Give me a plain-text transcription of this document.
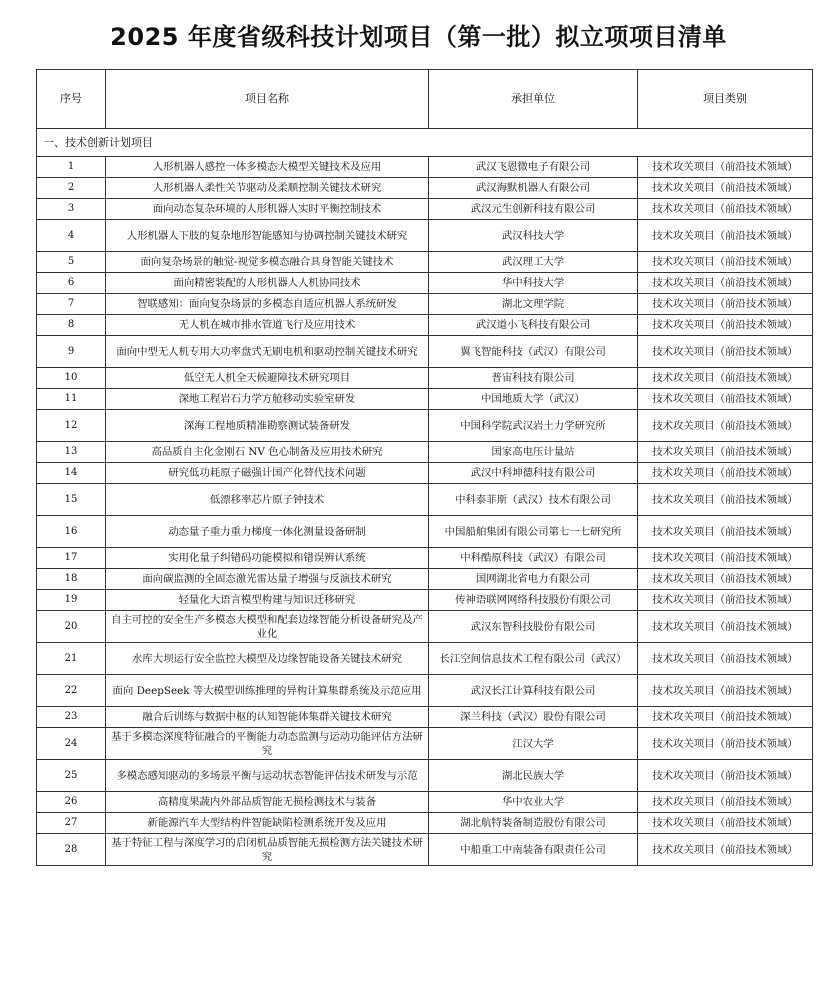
2025 年度省级科技计划项目（第一批）拟立项项目清单
序号	项目名称	承担单位	项目类别
一、技术创新计划项目			
1	人形机器人感控一体多模态大模型关键技术及应用	武汉飞恩微电子有限公司	技术攻关项目（前沿技术领域）
2	人形机器人柔性关节驱动及柔顺控制关键技术研究	武汉海默机器人有限公司	技术攻关项目（前沿技术领域）
3	面向动态复杂环境的人形机器人实时平衡控制技术	武汉元生创新科技有限公司	技术攻关项目（前沿技术领域）
4	人形机器人下肢的复杂地形智能感知与协调控制关键技术研究	武汉科技大学	技术攻关项目（前沿技术领域）
5	面向复杂场景的触觉-视觉多模态融合具身智能关键技术	武汉理工大学	技术攻关项目（前沿技术领域）
6	面向精密装配的人形机器人人机协同技术	华中科技大学	技术攻关项目（前沿技术领域）
7	智联感知：面向复杂场景的多模态自适应机器人系统研发	湖北文理学院	技术攻关项目（前沿技术领域）
8	无人机在城市排水管道飞行及应用技术	武汉道小飞科技有限公司	技术攻关项目（前沿技术领域）
9	面向中型无人机专用大功率盘式无刷电机和驱动控制关键技术研究	翼飞智能科技（武汉）有限公司	技术攻关项目（前沿技术领域）
10	低空无人机全天候避障技术研究项目	普宙科技有限公司	技术攻关项目（前沿技术领域）
11	深地工程岩石力学方舱移动实验室研发	中国地质大学（武汉）	技术攻关项目（前沿技术领域）
12	深海工程地质精准勘察测试装备研发	中国科学院武汉岩土力学研究所	技术攻关项目（前沿技术领域）
13	高品质自主化金刚石 NV 色心制备及应用技术研究	国家高电压计量站	技术攻关项目（前沿技术领域）
14	研究低功耗原子磁强计国产化替代技术问题	武汉中科坤德科技有限公司	技术攻关项目（前沿技术领域）
15	低漂移率芯片原子钟技术	中科泰菲斯（武汉）技术有限公司	技术攻关项目（前沿技术领域）
16	动态量子重力重力梯度一体化测量设备研制	中国船舶集团有限公司第七一七研究所	技术攻关项目（前沿技术领域）
17	实用化量子纠错码功能模拟和错误辨认系统	中科酷原科技（武汉）有限公司	技术攻关项目（前沿技术领域）
18	面向碳监测的全固态激光雷达量子增强与反演技术研究	国网湖北省电力有限公司	技术攻关项目（前沿技术领域）
19	轻量化大语言模型构建与知识迁移研究	传神语联网网络科技股份有限公司	技术攻关项目（前沿技术领域）
20	自主可控的安全生产多模态大模型和配套边缘智能分析设备研究及产业化	武汉东智科技股份有限公司	技术攻关项目（前沿技术领域）
21	水库大坝运行安全监控大模型及边缘智能设备关键技术研究	长江空间信息技术工程有限公司（武汉）	技术攻关项目（前沿技术领域）
22	面向 DeepSeek 等大模型训练推理的异构计算集群系统及示范应用	武汉长江计算科技有限公司	技术攻关项目（前沿技术领域）
23	融合后训练与数据中枢的认知智能体集群关键技术研究	深兰科技（武汉）股份有限公司	技术攻关项目（前沿技术领域）
24	基于多模态深度特征融合的平衡能力动态监测与运动功能评估方法研究	江汉大学	技术攻关项目（前沿技术领域）
25	多模态感知驱动的多场景平衡与运动状态智能评估技术研发与示范	湖北民族大学	技术攻关项目（前沿技术领域）
26	高精度果蔬内外部品质智能无损检测技术与装备	华中农业大学	技术攻关项目（前沿技术领域）
27	新能源汽车大型结构件智能缺陷检测系统开发及应用	湖北航特装备制造股份有限公司	技术攻关项目（前沿技术领域）
28	基于特征工程与深度学习的启闭机品质智能无损检测方法关键技术研究	中船重工中南装备有限责任公司	技术攻关项目（前沿技术领域）
